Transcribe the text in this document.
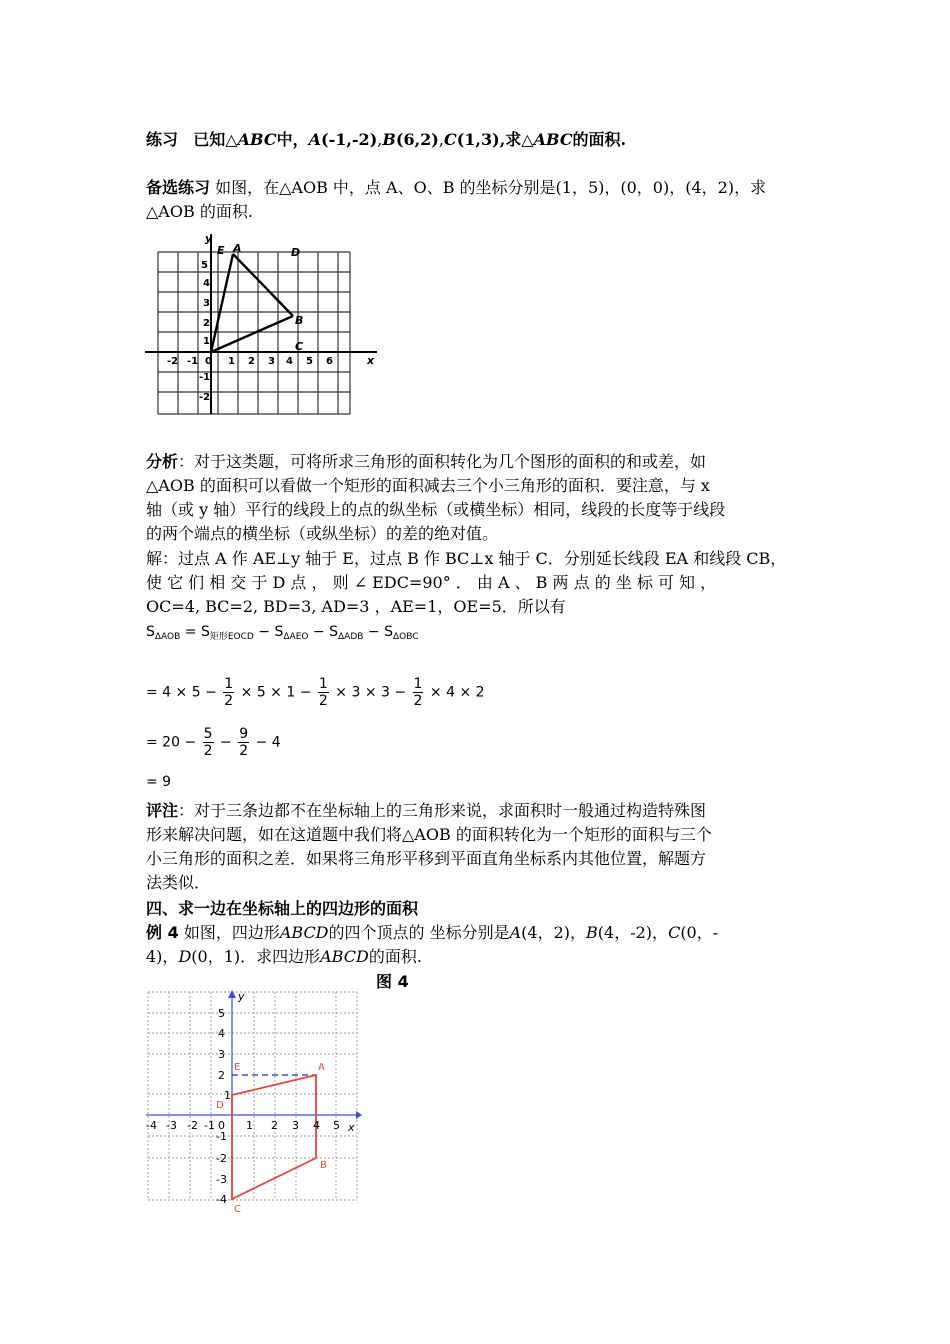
练习 已知△ABC中，A(-1,-2),B(6,2),C(1,3),求△ABC的面积.

备选练习 如图，在△AOB 中，点 A、O、B 的坐标分别是(1，5)，(0，0)，(4，2)，求
△AOB 的面积.

y
x
A
B
C
D
E
-2 -1 0 1 2 3 4 5 6
5
4
3
2
1
-1
-2

分析：对于这类题，可将所求三角形的面积转化为几个图形的面积的和或差，如
△AOB 的面积可以看做一个矩形的面积减去三个小三角形的面积．要注意，与 x
轴（或 y 轴）平行的线段上的点的纵坐标（或横坐标）相同，线段的长度等于线段
的两个端点的横坐标（或纵坐标）的差的绝对值。

解：过点 A 作 AE⊥y 轴于 E，过点 B 作 BC⊥x 轴于 C．分别延长线段 EA 和线段 CB，
使 它 们 相 交 于 D 点 ， 则 ∠ EDC=90° ． 由 A 、 B 两 点 的 坐 标 可 知 ，
OC=4, BC=2, BD=3, AD=3 ，AE=1，OE=5．所以有

$S_{\Delta AOB} = S_{矩形EOCD} - S_{\Delta AEO} - S_{\Delta ADB} - S_{\Delta OBC}$
= $4 \times 5 - \frac{1}{2} \times 5 \times 1 - \frac{1}{2} \times 3 \times 3 - \frac{1}{2} \times 4 \times 2$
= $20 - \frac{5}{2} - \frac{9}{2} - 4$
= 9

评注：对于三条边都不在坐标轴上的三角形来说，求面积时一般通过构造特殊图
形来解决问题，如在这道题中我们将△AOB 的面积转化为一个矩形的面积与三个
小三角形的面积之差．如果将三角形平移到平面直角坐标系内其他位置，解题方
法类似．

四、求一边在坐标轴上的四边形的面积

例 4 如图，四边形ABCD的四个顶点的 坐标分别是A(4，2)，B(4，-2)，C(0，-
4)，D(0，1)．求四边形ABCD的面积.

图 4

E	A
D
B
C
-4 -3 -2 -1 0 1 2 3 4 5 x
y
5
4
3
2
1
-1
-2
-3
-4
